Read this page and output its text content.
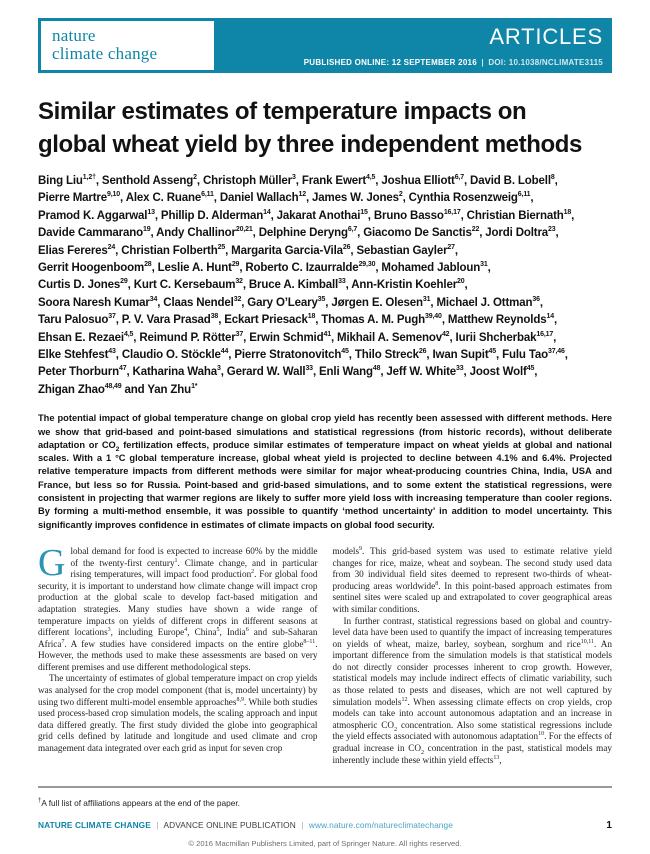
nature
climate change
ARTICLES
PUBLISHED ONLINE: 12 SEPTEMBER 2016 | DOI: 10.1038/NCLIMATE3115
Similar estimates of temperature impacts on
global wheat yield by three independent methods
Bing Liu$^{1,2\dagger}$, Senthold Asseng$^2$, Christoph Müller$^3$, Frank Ewert$^{4,5}$, Joshua Elliott$^{6,7}$, David B. Lobell$^8$,
Pierre Martre$^{9,10}$, Alex C. Ruane$^{6,11}$, Daniel Wallach$^{12}$, James W. Jones$^2$, Cynthia Rosenzweig$^{6,11}$,
Pramod K. Aggarwal$^{13}$, Phillip D. Alderman$^{14}$, Jakarat Anothai$^{15}$, Bruno Basso$^{16,17}$, Christian Biernath$^{18}$,
Davide Cammarano$^{19}$, Andy Challinor$^{20,21}$, Delphine Deryng$^{6,7}$, Giacomo De Sanctis$^{22}$, Jordi Doltra$^{23}$,
Elias Fereres$^{24}$, Christian Folberth$^{25}$, Margarita Garcia-Vila$^{26}$, Sebastian Gayler$^{27}$,
Gerrit Hoogenboom$^{28}$, Leslie A. Hunt$^{29}$, Roberto C. Izaurralde$^{29,30}$, Mohamed Jabloun$^{31}$,
Curtis D. Jones$^{29}$, Kurt C. Kersebaum$^{32}$, Bruce A. Kimball$^{33}$, Ann-Kristin Koehler$^{20}$,
Soora Naresh Kumar$^{34}$, Claas Nendel$^{32}$, Gary O’Leary$^{35}$, Jørgen E. Olesen$^{31}$, Michael J. Ottman$^{36}$,
Taru Palosuo$^{37}$, P. V. Vara Prasad$^{38}$, Eckart Priesack$^{18}$, Thomas A. M. Pugh$^{39,40}$, Matthew Reynolds$^{14}$,
Ehsan E. Rezaei$^{4,5}$, Reimund P. Rötter$^{37}$, Erwin Schmid$^{41}$, Mikhail A. Semenov$^{42}$, Iurii Shcherbak$^{16,17}$,
Elke Stehfest$^{43}$, Claudio O. Stöckle$^{44}$, Pierre Stratonovitch$^{45}$, Thilo Streck$^{26}$, Iwan Supit$^{45}$, Fulu Tao$^{37,46}$,
Peter Thorburn$^{47}$, Katharina Waha$^3$, Gerard W. Wall$^{33}$, Enli Wang$^{48}$, Jeff W. White$^{33}$, Joost Wolf$^{45}$,
Zhigan Zhao$^{48,49}$ and Yan Zhu$^{1*}$
The potential impact of global temperature change on global crop yield has recently been assessed with different methods. Here we show that grid-based and point-based simulations and statistical regressions (from historic records), without deliberate adaptation or $CO_2$ fertilization effects, produce similar estimates of temperature impact on wheat yields at global and national scales. With a 1 °C global temperature increase, global wheat yield is projected to decline between 4.1% and 6.4%. Projected relative temperature impacts from different methods were similar for major wheat-producing countries China, India, USA and France, but less so for Russia. Point-based and grid-based simulations, and to some extent the statistical regressions, were consistent in projecting that warmer regions are likely to suffer more yield loss with increasing temperature than cooler regions. By forming a multi-method ensemble, it was possible to quantify ‘method uncertainty’ in addition to model uncertainty. This significantly improves confidence in estimates of climate impacts on global food security.

Global demand for food is expected to increase 60% by the middle of the twenty-first century$^1$. Climate change, and in particular rising temperatures, will impact food production$^2$. For global food security, it is important to understand how climate change will impact crop production at the global scale to develop fact-based mitigation and adaptation strategies. Many studies have shown a wide range of temperature impacts on yields of different crops in different seasons at different locations$^3$, including Europe$^4$, China$^5$, India$^6$ and sub-Saharan Africa$^7$. A few studies have considered impacts on the entire globe$^{8-11}$. However, the methods used to make these assessments are based on very different premises and use different methodological steps.

The uncertainty of estimates of global temperature impact on crop yields was analysed for the crop model component (that is, model uncertainty) by using two different multi-model ensemble approaches$^{8,9}$. While both studies used process-based crop simulation models, the scaling approach and input data differed greatly. The first study divided the globe into geographical grid cells defined by latitude and longitude and used climate and crop management data integrated over each grid as input for seven crop

models$^9$. This grid-based system was used to estimate relative yield changes for rice, maize, wheat and soybean. The second study used data from 30 individual field sites deemed to represent two-thirds of wheat-producing areas worldwide$^8$. In this point-based approach estimates from sentinel sites were scaled up and extrapolated to cover geographical areas with similar conditions.

In further contrast, statistical regressions based on global and country-level data have been used to quantify the impact of increasing temperatures on yields of wheat, maize, barley, soybean, sorghum and rice$^{10,11}$. An important difference from the simulation models is that statistical models do not directly consider processes inherent to crop growth. However, statistical models may include indirect effects of climatic variability, such as those related to pests and diseases, which are not well captured by simulation models$^{12}$. When assessing climate effects on crop yields, crop models can take into account autonomous adaptation and an increase in atmospheric $CO_2$ concentration. Also some statistical regressions include the yield effects associated with autonomous adaptation$^{10}$. For the effects of gradual increase in $CO_2$ concentration in the past, statistical models may inherently include these within yield effects$^{13}$,

†A full list of affiliations appears at the end of the paper.
NATURE CLIMATE CHANGE | ADVANCE ONLINE PUBLICATION | www.nature.com/natureclimatechange	1
© 2016 Macmillan Publishers Limited, part of Springer Nature. All rights reserved.
